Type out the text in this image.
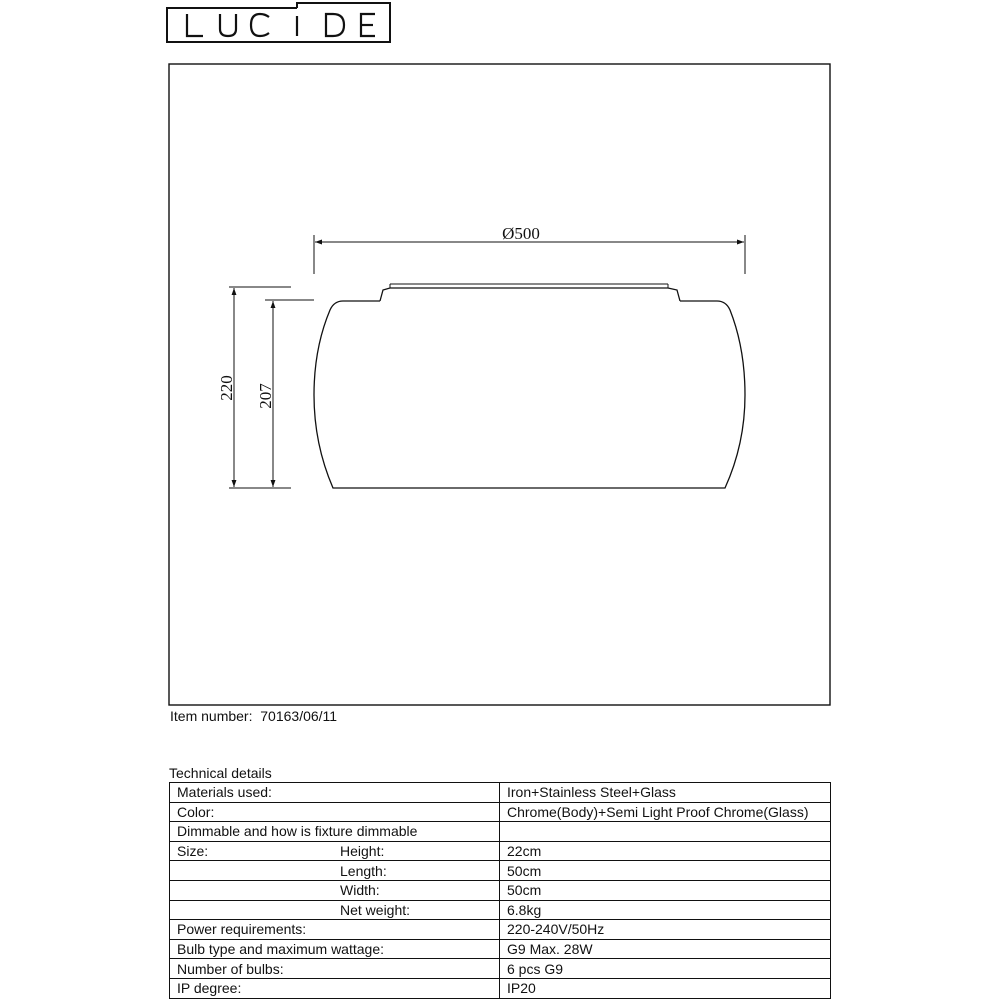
Ø500
220 207
Item number: 70163/06/11
Technical details
Materials used:	Iron+Stainless Steel+Glass
Color:	Chrome(Body)+Semi Light Proof Chrome(Glass)
Dimmable and how is fixture dimmable	
Size: Height:	22cm
Length:	50cm
Width:	50cm
Net weight:	6.8kg
Power requirements:	220-240V/50Hz
Bulb type and maximum wattage:	G9 Max. 28W
Number of bulbs:	6 pcs G9
IP degree:	IP20
